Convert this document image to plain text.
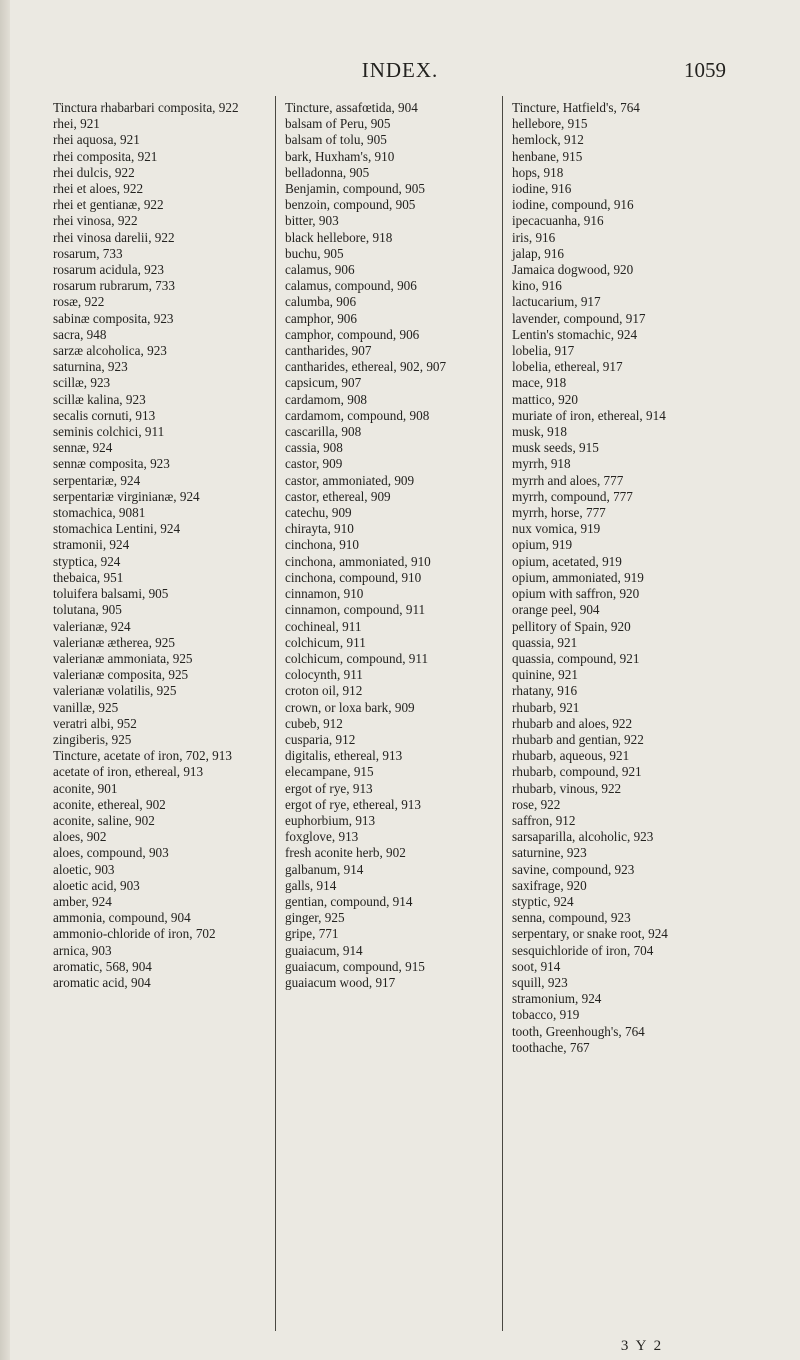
INDEX.	1059

Tinctura rhabarbari composita, 922

rhei, 921

rhei aquosa, 921

rhei composita, 921

rhei dulcis, 922

rhei et aloes, 922

rhei et gentianæ, 922

rhei vinosa, 922

rhei vinosa darelii, 922

rosarum, 733

rosarum acidula, 923

rosarum rubrarum, 733

rosæ, 922

sabinæ composita, 923

sacra, 948

sarzæ alcoholica, 923

saturnina, 923

scillæ, 923

scillæ kalina, 923

secalis cornuti, 913

seminis colchici, 911

sennæ, 924

sennæ composita, 923

serpentariæ, 924

serpentariæ virginianæ, 924

stomachica, 9081

stomachica Lentini, 924

stramonii, 924

styptica, 924

thebaica, 951

toluifera balsami, 905

tolutana, 905

valerianæ, 924

valerianæ ætherea, 925

valerianæ ammoniata, 925

valerianæ composita, 925

valerianæ volatilis, 925

vanillæ, 925

veratri albi, 952

zingiberis, 925

Tincture, acetate of iron, 702, 913

acetate of iron, ethereal, 913

aconite, 901

aconite, ethereal, 902

aconite, saline, 902

aloes, 902

aloes, compound, 903

aloetic, 903

aloetic acid, 903

amber, 924

ammonia, compound, 904

ammonio-chloride of iron, 702

arnica, 903

aromatic, 568, 904

aromatic acid, 904

Tincture, assafœtida, 904

balsam of Peru, 905

balsam of tolu, 905

bark, Huxham's, 910

belladonna, 905

Benjamin, compound, 905

benzoin, compound, 905

bitter, 903

black hellebore, 918

buchu, 905

calamus, 906

calamus, compound, 906

calumba, 906

camphor, 906

camphor, compound, 906

cantharides, 907

cantharides, ethereal, 902, 907

capsicum, 907

cardamom, 908

cardamom, compound, 908

cascarilla, 908

cassia, 908

castor, 909

castor, ammoniated, 909

castor, ethereal, 909

catechu, 909

chirayta, 910

cinchona, 910

cinchona, ammoniated, 910

cinchona, compound, 910

cinnamon, 910

cinnamon, compound, 911

cochineal, 911

colchicum, 911

colchicum, compound, 911

colocynth, 911

croton oil, 912

crown, or loxa bark, 909

cubeb, 912

cusparia, 912

digitalis, ethereal, 913

elecampane, 915

ergot of rye, 913

ergot of rye, ethereal, 913

euphorbium, 913

foxglove, 913

fresh aconite herb, 902

galbanum, 914

galls, 914

gentian, compound, 914

ginger, 925

gripe, 771

guaiacum, 914

guaiacum, compound, 915

guaiacum wood, 917

Tincture, Hatfield's, 764

hellebore, 915

hemlock, 912

henbane, 915

hops, 918

iodine, 916

iodine, compound, 916

ipecacuanha, 916

iris, 916

jalap, 916

Jamaica dogwood, 920

kino, 916

lactucarium, 917

lavender, compound, 917

Lentin's stomachic, 924

lobelia, 917

lobelia, ethereal, 917

mace, 918

mattico, 920

muriate of iron, ethereal, 914

musk, 918

musk seeds, 915

myrrh, 918

myrrh and aloes, 777

myrrh, compound, 777

myrrh, horse, 777

nux vomica, 919

opium, 919

opium, acetated, 919

opium, ammoniated, 919

opium with saffron, 920

orange peel, 904

pellitory of Spain, 920

quassia, 921

quassia, compound, 921

quinine, 921

rhatany, 916

rhubarb, 921

rhubarb and aloes, 922

rhubarb and gentian, 922

rhubarb, aqueous, 921

rhubarb, compound, 921

rhubarb, vinous, 922

rose, 922

saffron, 912

sarsaparilla, alcoholic, 923

saturnine, 923

savine, compound, 923

saxifrage, 920

styptic, 924

senna, compound, 923

serpentary, or snake root, 924

sesquichloride of iron, 704

soot, 914

squill, 923

stramonium, 924

tobacco, 919

tooth, Greenhough's, 764

toothache, 767

3 Y 2
